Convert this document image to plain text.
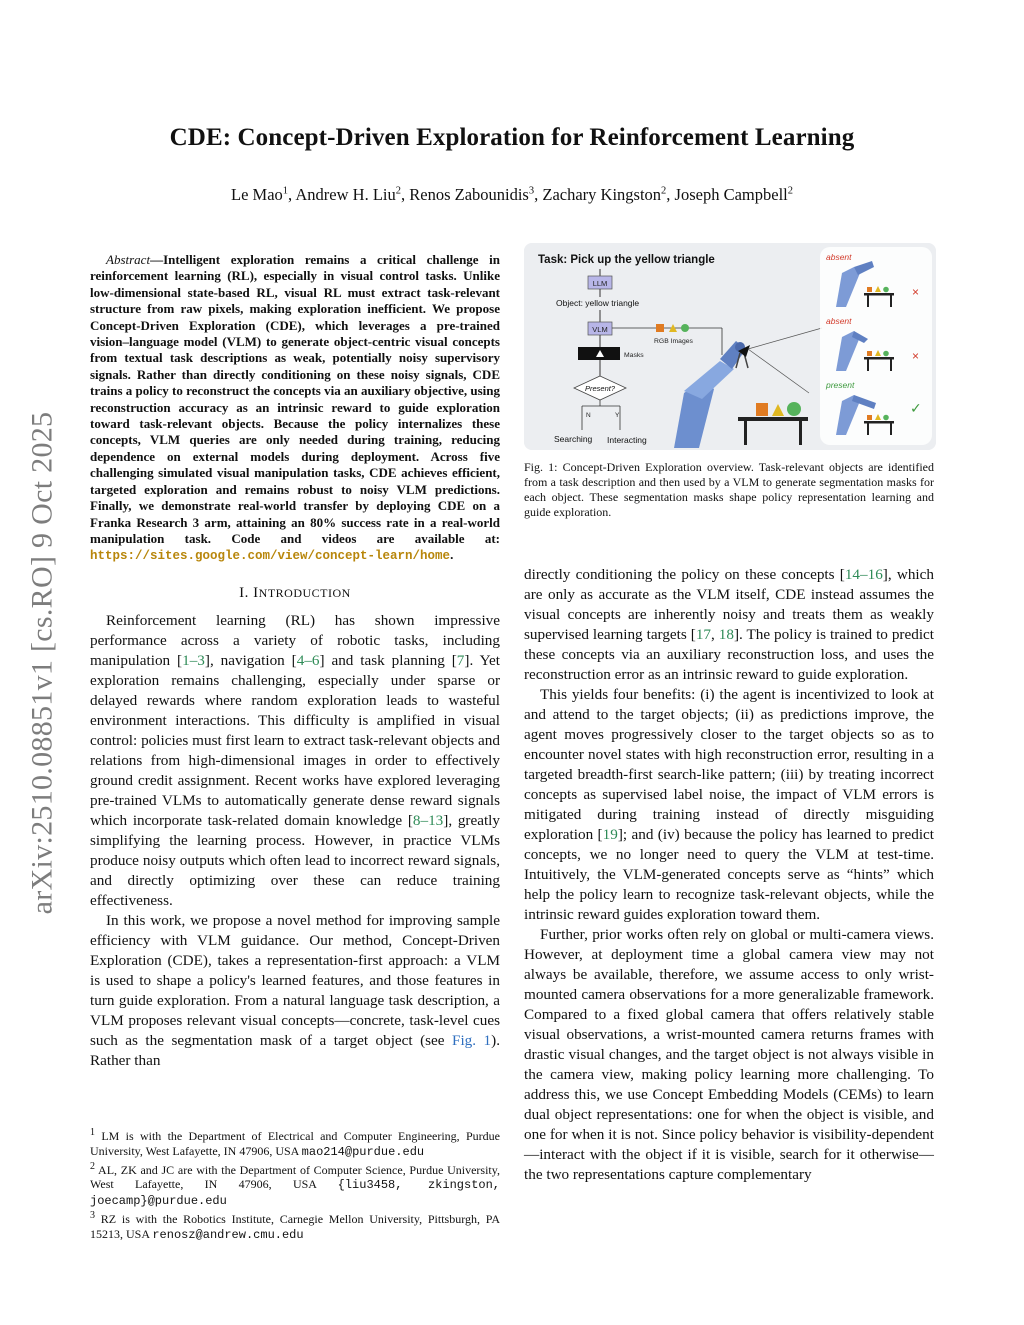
arXiv:2510.08851v1 [cs.RO] 9 Oct 2025
CDE: Concept-Driven Exploration for Reinforcement Learning
Le Mao$^1$, Andrew H. Liu$^2$, Renos Zabounidis$^3$, Zachary Kingston$^2$, Joseph Campbell$^2$

Abstract—Intelligent exploration remains a critical challenge in reinforcement learning (RL), especially in visual control tasks. Unlike low-dimensional state-based RL, visual RL must extract task-relevant structure from raw pixels, making exploration inefficient. We propose Concept-Driven Exploration (CDE), which leverages a pre-trained vision–language model (VLM) to generate object-centric visual concepts from textual task descriptions as weak, potentially noisy supervisory signals. Rather than directly conditioning on these noisy signals, CDE trains a policy to reconstruct the concepts via an auxiliary objective, using reconstruction accuracy as an intrinsic reward to guide exploration toward task-relevant objects. Because the policy internalizes these concepts, VLM queries are only needed during training, reducing dependence on external models during deployment. Across five challenging simulated visual manipulation tasks, CDE achieves efficient, targeted exploration and remains robust to noisy VLM predictions. Finally, we demonstrate real-world transfer by deploying CDE on a Franka Research 3 arm, attaining an 80% success rate in a real-world manipulation task. Code and videos are available at: https://sites.google.com/view/concept-learn/home.

I. INTRODUCTION

Reinforcement learning (RL) has shown impressive performance across a variety of robotic tasks, including manipulation [1–3], navigation [4–6] and task planning [7]. Yet exploration remains challenging, especially under sparse or delayed rewards where random exploration leads to wasteful environment interactions. This difficulty is amplified in visual control: policies must first learn to extract task-relevant objects and relations from high-dimensional images in order to effectively ground credit assignment. Recent works have explored leveraging pre-trained VLMs to automatically generate dense reward signals which incorporate task-related domain knowledge [8–13], greatly simplifying the learning process. However, in practice VLMs produce noisy outputs which often lead to incorrect reward signals, and directly optimizing over these can reduce training effectiveness.

In this work, we propose a novel method for improving sample efficiency with VLM guidance. Our method, Concept-Driven Exploration (CDE), takes a representation-first approach: a VLM is used to shape a policy's learned features, and those features in turn guide exploration. From a natural language task description, a VLM proposes relevant visual concepts—concrete, task-level cues such as the segmentation mask of a target object (see Fig. 1). Rather than

$^1$ LM is with the Department of Electrical and Computer Engineering, Purdue University, West Lafayette, IN 47906, USA mao214@purdue.edu

$^2$ AL, ZK and JC are with the Department of Computer Science, Purdue University, West Lafayette, IN 47906, USA {liu3458, zkingston, joecamp}@purdue.edu

$^3$ RZ is with the Robotics Institute, Carnegie Mellon University, Pittsburgh, PA 15213, USA renosz@andrew.cmu.edu

Task: Pick up the yellow triangle
LLM
Object: yellow triangle
VLM
RGB Images
Masks
Present?
N	Y
Searching Interacting
absent
×
absent
×
present
✓
Fig. 1: Concept-Driven Exploration overview. Task-relevant objects are identified from a task description and then used by a VLM to generate segmentation masks for each object. These segmentation masks shape policy representation learning and guide exploration.

directly conditioning the policy on these concepts [14–16], which are only as accurate as the VLM itself, CDE instead assumes the visual concepts are inherently noisy and treats them as weakly supervised learning targets [17, 18]. The policy is trained to predict these concepts via an auxiliary reconstruction loss, and uses the reconstruction error as an intrinsic reward to guide exploration.

This yields four benefits: (i) the agent is incentivized to look at and attend to the target objects; (ii) as predictions improve, the agent moves progressively closer to the target objects so as to encounter novel states with high reconstruction error, resulting in a targeted breadth-first search-like pattern; (iii) by treating incorrect concepts as supervised label noise, the impact of VLM errors is mitigated during training instead of directly misguiding exploration [19]; and (iv) because the policy has learned to predict concepts, we no longer need to query the VLM at test-time. Intuitively, the VLM-generated concepts serve as “hints” which help the policy learn to recognize task-relevant objects, while the intrinsic reward guides exploration toward them.

Further, prior works often rely on global or multi-camera views. However, at deployment time a global camera view may not always be available, therefore, we assume access to only wrist-mounted camera observations for a more generalizable framework. Compared to a fixed global camera that offers relatively stable visual observations, a wrist-mounted camera returns frames with drastic visual changes, and the target object is not always visible in the camera view, making policy learning more challenging. To address this, we use Concept Embedding Models (CEMs) to learn dual object representations: one for when the object is visible, and one for when it is not. Since policy behavior is visibility-dependent—interact with the object if it is visible, search for it otherwise—the two representations capture complementary
